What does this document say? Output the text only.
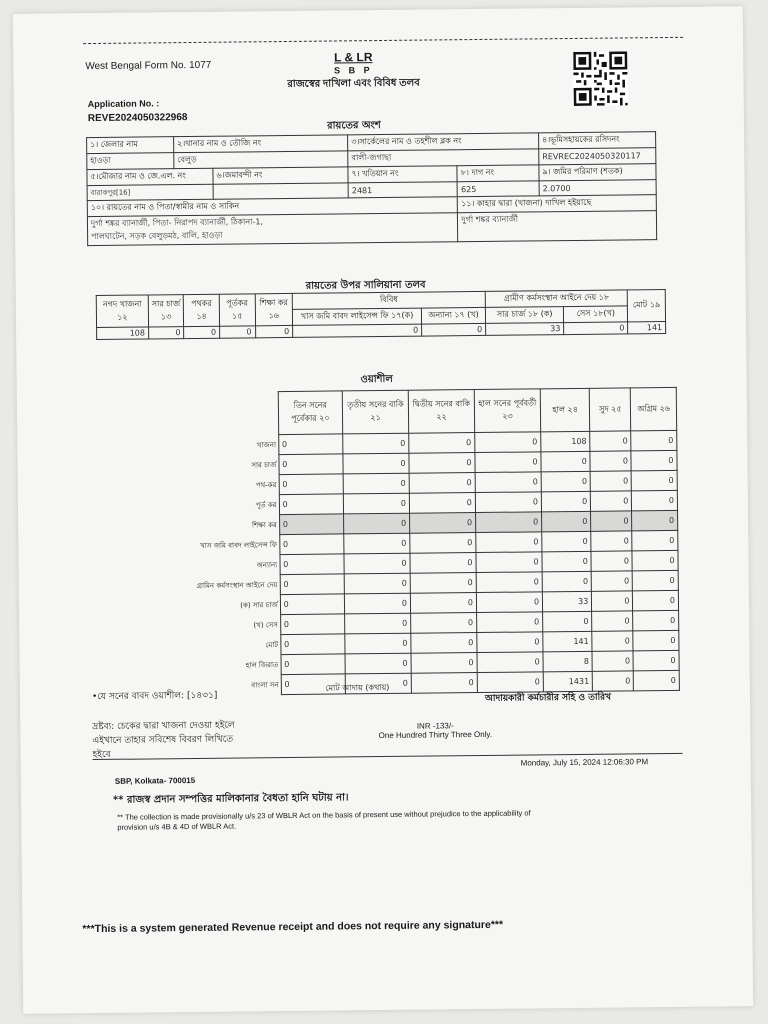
West Bengal Form No. 1077
L & LR
S B P
রাজস্বের দাখিলা এবং বিবিধ তলব
Application No. :
REVE2024050322968
রায়তের অংশ
১। জেলার নাম	২।থানার নাম ও তৌজি নং		৩।সার্কেলের নাম ও তহশীল ব্লক নং		৪।ভূমিসহায়কের রসিদনং
হাওড়া	বেলুড়		বালী-জগাছা		REVREC2024050320117
৫।মৌজার নাম ও জে.এল. নং		৬।জমাবন্দী নং	৭। খতিয়ান নং	৮। দাগ নং	৯। জমির পরিমাণ (শতক)
বারাকপুর[16]			2481	625	2.0700
১০। রায়তের নাম ও পিতা/স্বামীর নাম ও সাকিন				১১। কাহার দ্বারা (খাজনা) দাখিল হইয়াছে	

দুর্গা শঙ্কর ব্যানার্জী, পিতা- নিরাপদ ব্যানার্জী, ঠিকানা-1,
পালঘাটেন, সড়ক বেলুড়মঠ, বালি, হাওড়া				দুর্গা শঙ্কর ব্যানার্জী	
রায়তের উপর সালিয়ানা তলব
নগদ খাজনা ১২	সার চার্জ ১৩	পথকর ১৪	পূর্তকর ১৫	শিক্ষা কর ১৬	বিবিধ		গ্রামীণ কর্মসংস্থান আইনে দেয় ১৮		মোট ১৯
					খাস জমি বাবদ লাইসেন্স ফি ১৭(ক)	অন্যান্য ১৭ (খ)	সার চার্জ ১৮ (ক)	সেস ১৮(খ)	
108	0	0	0	0	0	0	33	0	141
ওয়াশীল
	তিন সনের পূর্বেকার ২০	তৃতীয় সনের বাকি ২১	দ্বিতীয় সনের বাকি ২২	হাল সনের পূর্ববর্তী ২৩	হাল ২৪	সুদ ২৫	অগ্রিম ২৬
খাজনা	0	0	0	0	108	0	0
সার চার্জ	0	0	0	0	0	0	0
পথ-কর	0	0	0	0	0	0	0
পূর্ত কর	0	0	0	0	0	0	0
শিক্ষা কর	0	0	0	0	0	0	0
খাস জমি বাবদ লাইসেন্স ফি	0	0	0	0	0	0	0
অন্যান্য	0	0	0	0	0	0	0
গ্রামিন কর্মসংস্থান আইনে দেয়	0	0	0	0	0	0	0
(ক) সার চার্জ	0	0	0	0	33	0	0
(খ) সেস	0	0	0	0	0	0	0
মোট	0	0	0	0	141	0	0
হাল জিরাত	0	0	0	0	8	0	0
বাংলা সন	0	0	0	0	1431	0	0
•যে সনের বাবদ ওয়াশীল: [১৪৩১]
মোট আদায় (কথায়)
আদায়কারী কর্মচারীর সহি ও তারিখ
দ্রষ্টব্য: চেকের দ্বারা খাজনা দেওয়া হইলে
এইখানে তাহার সবিশেষ বিবরণ লিখিতে
হইবে
INR -133/-
One Hundred Thirty Three Only.
Monday, July 15, 2024 12:06:30 PM
SBP, Kolkata- 700015
** রাজস্ব প্রদান সম্পত্তির মালিকানার বৈধতা হানি ঘটায় না।
** The collection is made provisionally u/s 23 of WBLR Act on the basis of present use without prejudice to the applicability of
provision u/s 4B & 4D of WBLR Act.
***This is a system generated Revenue receipt and does not require any signature***
